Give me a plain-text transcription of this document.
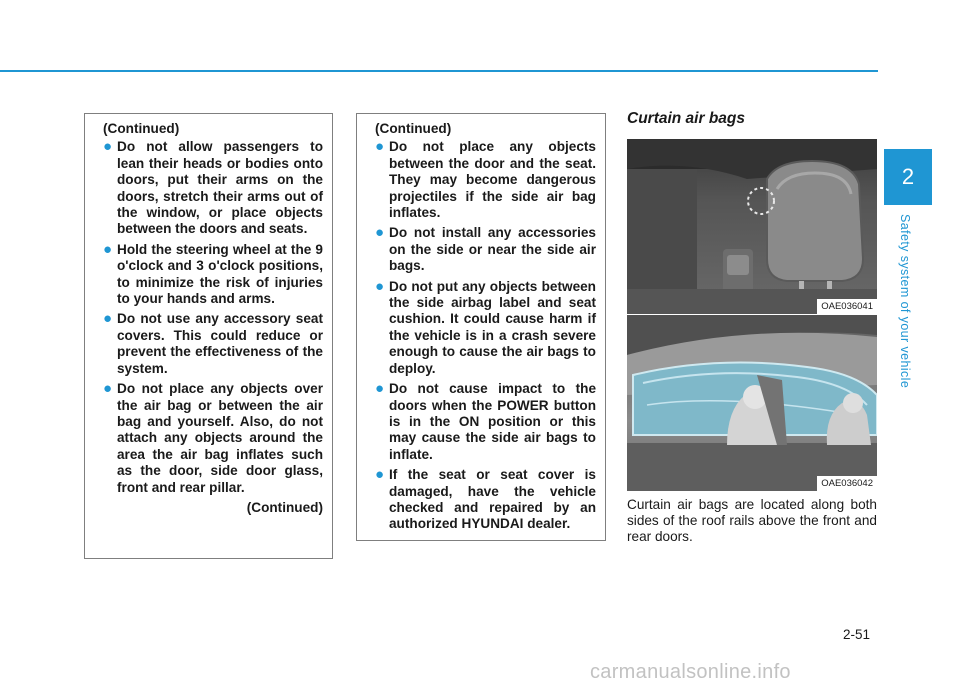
(Continued)
● Do not allow passengers to lean their heads or bodies onto doors, put their arms on the doors, stretch their arms out of the window, or place objects between the doors and seats.
● Hold the steering wheel at the 9 o'clock and 3 o'clock positions, to minimize the risk of injuries to your hands and arms.
● Do not use any accessory seat covers. This could reduce or prevent the effectiveness of the system.
● Do not place any objects over the air bag or between the air bag and yourself. Also, do not attach any objects around the area the air bag inflates such as the door, side door glass, front and rear pillar.
(Continued)
(Continued)
● Do not place any objects between the door and the seat. They may become dangerous projectiles if the side air bag inflates.
● Do not install any accessories on the side or near the side air bags.
● Do not put any objects between the side airbag label and seat cushion. It could cause harm if the vehicle is in a crash severe enough to cause the air bags to deploy.
● Do not cause impact to the doors when the POWER button is in the ON position or this may cause the side air bags to inflate.
● If the seat or seat cover is damaged, have the vehicle checked and repaired by an authorized HYUNDAI dealer.
Curtain air bags
OAE036041
OAE036042
Curtain air bags are located along both sides of the roof rails above the front and rear doors.
2
Safety system of your vehicle
2-51
carmanualsonline.info
